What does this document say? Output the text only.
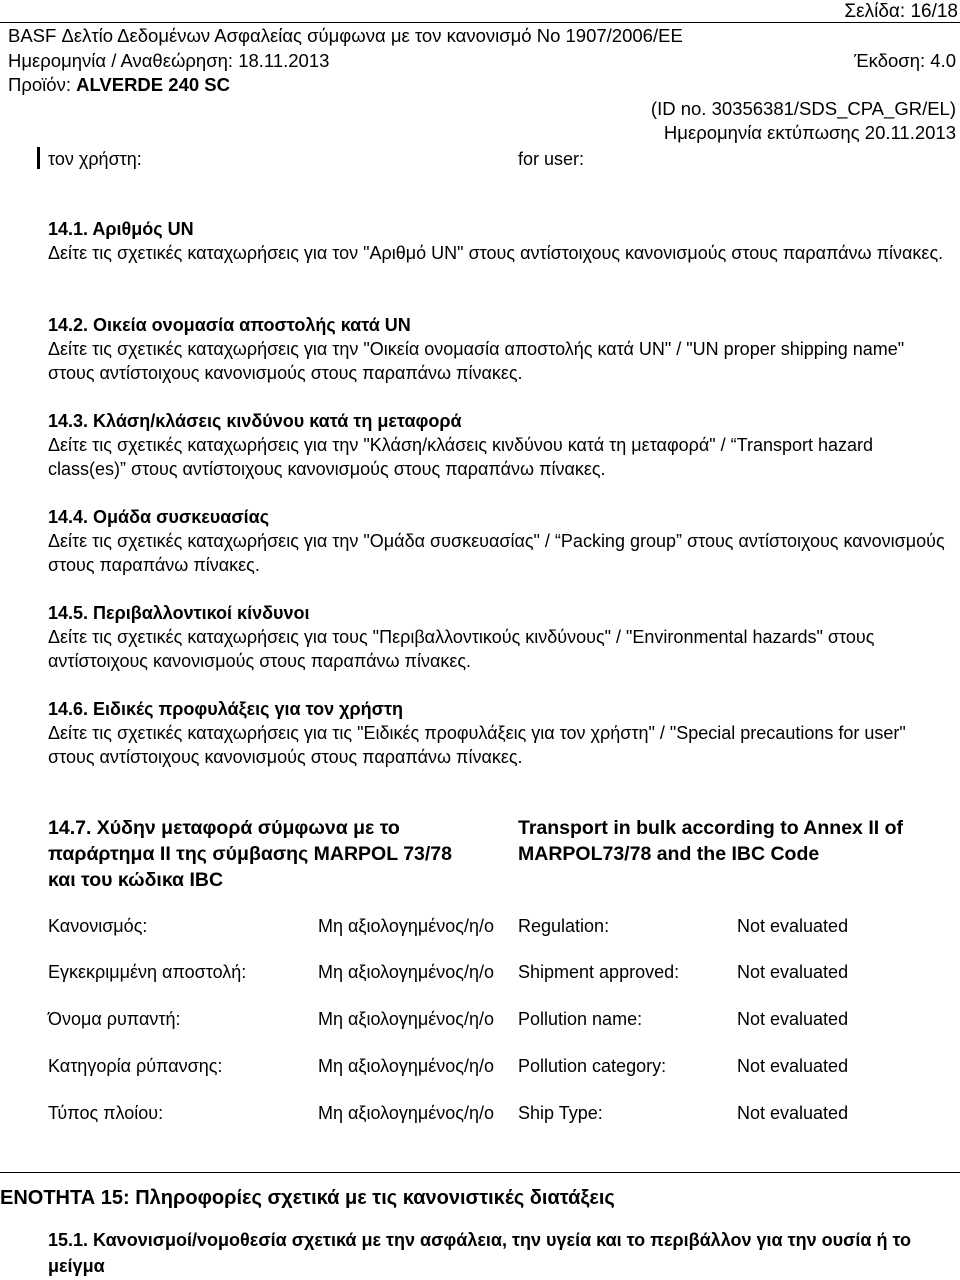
Σελίδα: 16/18
BASF Δελτίο Δεδομένων Ασφαλείας σύμφωνα με τον κανονισμό Νο 1907/2006/ΕΕ
Ημερομηνία / Αναθεώρηση: 18.11.2013	Έκδοση: 4.0
Προϊόν: ALVERDE 240 SC
(ID no. 30356381/SDS_CPA_GR/EL)
Ημερομηνία εκτύπωσης 20.11.2013
τον χρήστη:	for user:
14.1. Αριθμός UN
Δείτε τις σχετικές καταχωρήσεις για τον "Αριθμό UN" στους αντίστοιχους κανονισμούς στους παραπάνω πίνακες.
14.2. Οικεία ονομασία αποστολής κατά UN
Δείτε τις σχετικές καταχωρήσεις για την "Οικεία ονομασία αποστολής κατά UN" / "UN proper shipping name" στους αντίστοιχους κανονισμούς στους παραπάνω πίνακες.
14.3. Κλάση/κλάσεις κινδύνου κατά τη μεταφορά
Δείτε τις σχετικές καταχωρήσεις για την "Κλάση/κλάσεις κινδύνου κατά τη μεταφορά" / “Transport hazard class(es)” στους αντίστοιχους κανονισμούς στους παραπάνω πίνακες.
14.4. Ομάδα συσκευασίας
Δείτε τις σχετικές καταχωρήσεις για την "Ομάδα συσκευασίας" / “Packing group” στους αντίστοιχους κανονισμούς στους παραπάνω πίνακες.
14.5. Περιβαλλοντικοί κίνδυνοι
Δείτε τις σχετικές καταχωρήσεις για τους "Περιβαλλοντικούς κινδύνους" / "Environmental hazards" στους αντίστοιχους κανονισμούς στους παραπάνω πίνακες.
14.6. Ειδικές προφυλάξεις για τον χρήστη
Δείτε τις σχετικές καταχωρήσεις για τις "Ειδικές προφυλάξεις για τον χρήστη" / "Special precautions for user" στους αντίστοιχους κανονισμούς στους παραπάνω πίνακες.
14.7. Χύδην μεταφορά σύμφωνα με το παράρτημα II της σύμβασης MARPOL 73/78 και του κώδικα IBC
Transport in bulk according to Annex II of MARPOL73/78 and the IBC Code
Κανονισμός:	Μη αξιολογημένος/η/ο	Regulation:	Not evaluated
Εγκεκριμμένη αποστολή:	Μη αξιολογημένος/η/ο	Shipment approved:	Not evaluated
Όνομα ρυπαντή:	Μη αξιολογημένος/η/ο	Pollution name:	Not evaluated
Κατηγορία ρύπανσης:	Μη αξιολογημένος/η/ο	Pollution category:	Not evaluated
Τύπος πλοίου:	Μη αξιολογημένος/η/ο	Ship Type:	Not evaluated
ΕΝΟΤΗΤΑ 15: Πληροφορίες σχετικά με τις κανονιστικές διατάξεις
15.1. Κανονισμοί/νομοθεσία σχετικά με την ασφάλεια, την υγεία και το περιβάλλον για την ουσία ή το μείγμα
